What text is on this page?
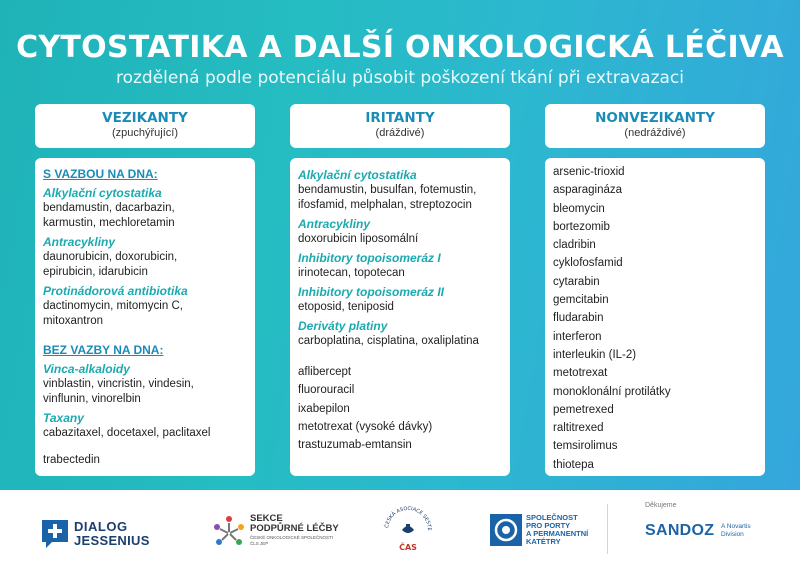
CYTOSTATIKA A DALŠÍ ONKOLOGICKÁ LÉČIVA
rozdělená podle potenciálu působit poškození tkání při extravazaci
VEZIKANTY
(zpuchýřující)
IRITANTY
(dráždivé)
NONVEZIKANTY
(nedráždivé)
S VAZBOU NA DNA:
Alkylační cytostatika
bendamustin, dacarbazin,
karmustin, mechloretamin
Antracykliny
daunorubicin, doxorubicin,
epirubicin, idarubicin
Protinádorová antibiotika
dactinomycin, mitomycin C,
mitoxantron
BEZ VAZBY NA DNA:
Vinca-alkaloidy
vinblastin, vincristin, vindesin,
vinflunin, vinorelbin
Taxany
cabazitaxel, docetaxel, paclitaxel
trabectedin
Alkylační cytostatika
bendamustin, busulfan, fotemustin,
ifosfamid, melphalan, streptozocin
Antracykliny
doxorubicin liposomální
Inhibitory topoisomeráz I
irinotecan, topotecan
Inhibitory topoisomeráz II
etoposid, teniposid
Deriváty platiny
carboplatina, cisplatina, oxaliplatina
aflibercept
fluorouracil
ixabepilon
metotrexat (vysoké dávky)
trastuzumab-emtansin
arsenic-trioxid
asparagináza
bleomycin
bortezomib
cladribin
cyklofosfamid
cytarabin
gemcitabin
fludarabin
interferon
interleukin (IL-2)
metotrexat
monoklonální protilátky
pemetrexed
raltitrexed
temsirolimus
thiotepa
DIALOG
JESSENIUS
SEKCE
PODPŮRNÉ LÉČBY
ČESKÉ ONKOLOGICKÉ SPOLEČNOSTI
ČLS JEP
ČESKÁ ASOCIACE SESTE
ČAS
SPOLEČNOST
PRO PORTY
A PERMANENTNÍ
KATÉTRY
Děkujeme
SANDOZ A Novartis
Division
